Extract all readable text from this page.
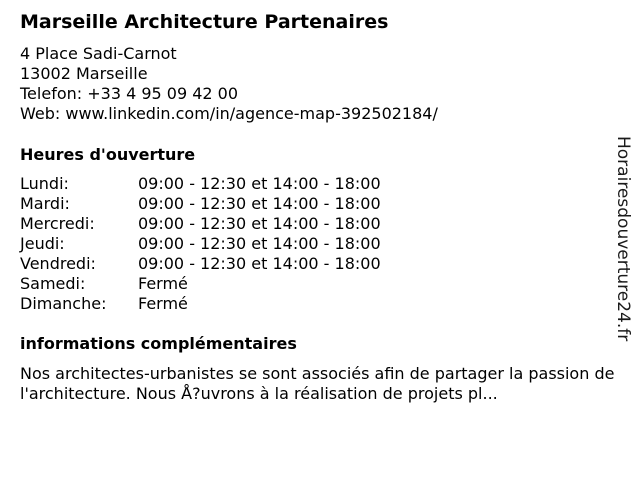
Marseille Architecture Partenaires
4 Place Sadi-Carnot
13002 Marseille
Telefon: +33 4 95 09 42 00
Web: www.linkedin.com/in/agence-map-392502184/
Heures d'ouverture
Lundi:	09:00 - 12:30 et 14:00 - 18:00
Mardi:	09:00 - 12:30 et 14:00 - 18:00
Mercredi:	09:00 - 12:30 et 14:00 - 18:00
Jeudi:	09:00 - 12:30 et 14:00 - 18:00
Vendredi:	09:00 - 12:30 et 14:00 - 18:00
Samedi:	Fermé
Dimanche: Fermé
informations complémentaires
Nos architectes-urbanistes se sont associés afin de partager la passion de l'architecture. Nous Å?uvrons à la réalisation de projets pl...
Horairesdouverture24.fr
